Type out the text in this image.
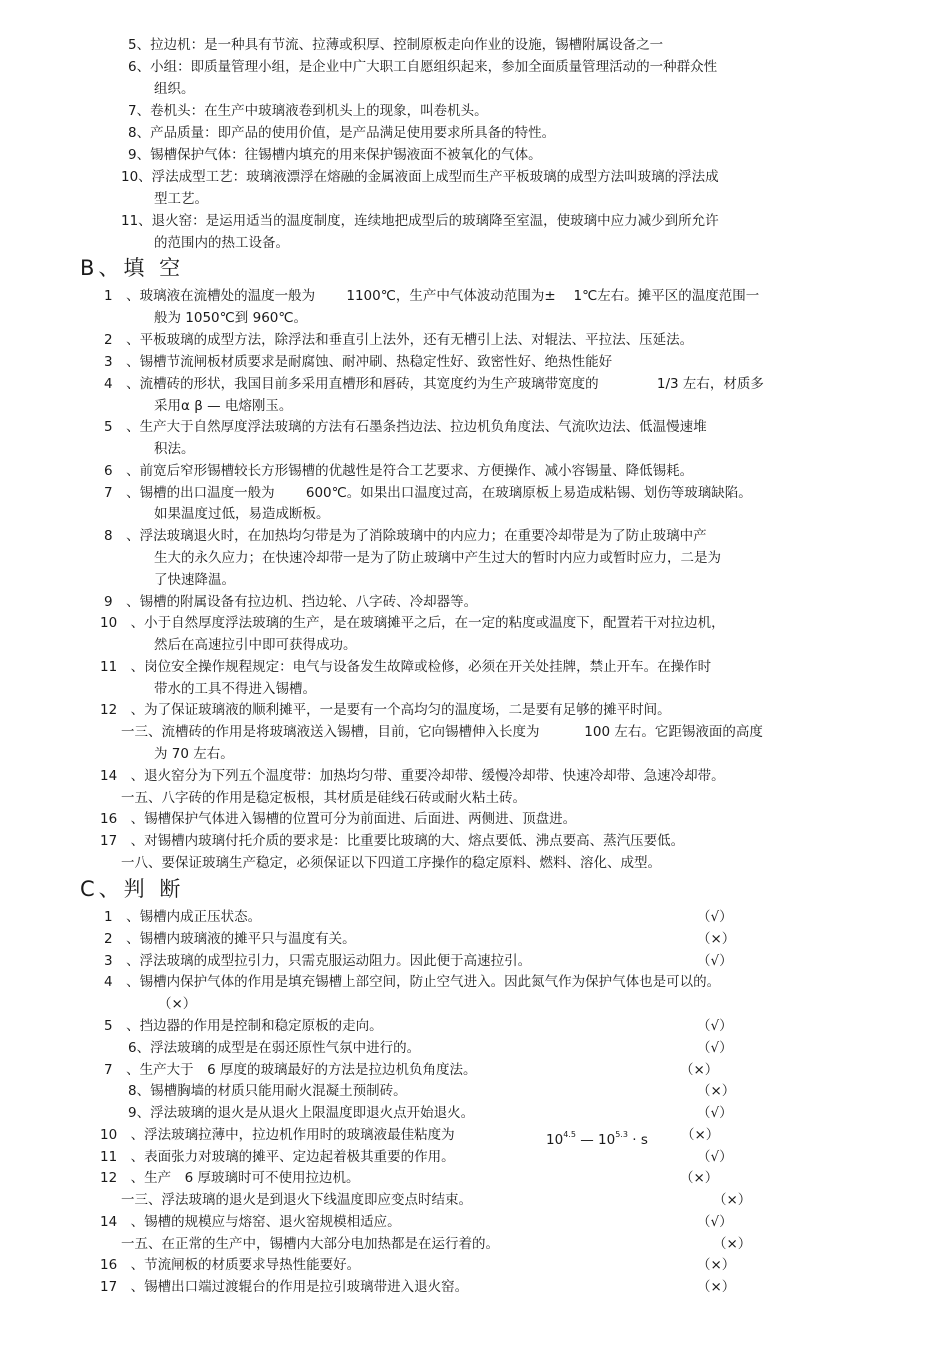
5、拉边机：是一种具有节流、拉薄或积厚、控制原板走向作业的设施，锡槽附属设备之一
6、小组：即质量管理小组，是企业中广大职工自愿组织起来，参加全面质量管理活动的一种群众性
组织。
7、卷机头：在生产中玻璃液卷到机头上的现象，叫卷机头。
8、产品质量：即产品的使用价值，是产品满足使用要求所具备的特性。
9、锡槽保护气体：往锡槽内填充的用来保护锡液面不被氧化的气体。
10、浮法成型工艺：玻璃液漂浮在熔融的金属液面上成型而生产平板玻璃的成型方法叫玻璃的浮法成
型工艺。
11、退火窑：是运用适当的温度制度，连续地把成型后的玻璃降至室温，使玻璃中应力减少到所允许
的范围内的热工设备。
B、填 空
1　、玻璃液在流槽处的温度一般为　　 1100℃，生产中气体波动范围为±　 1℃左右。摊平区的温度范围一
般为 1050℃到 960℃。
2　、平板玻璃的成型方法，除浮法和垂直引上法外，还有无槽引上法、对辊法、平拉法、压延法。
3　、锡槽节流闸板材质要求是耐腐蚀、耐冲刷、热稳定性好、致密性好、绝热性能好
4　、流槽砖的形状，我国目前多采用直槽形和唇砖，其宽度约为生产玻璃带宽度的　　　　 1/3 左右，材质多
采用α β — 电熔刚玉。
5　、生产大于自然厚度浮法玻璃的方法有石墨条挡边法、拉边机负角度法、气流吹边法、低温慢速堆
积法。
6　、前宽后窄形锡槽较长方形锡槽的优越性是符合工艺要求、方便操作、减小容锡量、降低锡耗。
7　、锡槽的出口温度一般为　　 600℃。如果出口温度过高，在玻璃原板上易造成粘锡、划伤等玻璃缺陷。
如果温度过低，易造成断板。
8　、浮法玻璃退火时，在加热均匀带是为了消除玻璃中的内应力；在重要冷却带是为了防止玻璃中产
生大的永久应力；在快速冷却带一是为了防止玻璃中产生过大的暂时内应力或暂时应力，二是为
了快速降温。
9　、锡槽的附属设备有拉边机、挡边轮、八字砖、冷却器等。
10　、小于自然厚度浮法玻璃的生产，是在玻璃摊平之后，在一定的粘度或温度下，配置若干对拉边机，
然后在高速拉引中即可获得成功。
11　、岗位安全操作规程规定：电气与设备发生故障或检修，必须在开关处挂牌，禁止开车。在操作时
带水的工具不得进入锡槽。
12　、为了保证玻璃液的顺利摊平，一是要有一个高均匀的温度场，二是要有足够的摊平时间。
一三、流槽砖的作用是将玻璃液送入锡槽，目前，它向锡槽伸入长度为　　　 100 左右。它距锡液面的高度
为 70 左右。
14　、退火窑分为下列五个温度带：加热均匀带、重要冷却带、缓慢冷却带、快速冷却带、急速冷却带。
一五、八字砖的作用是稳定板根，其材质是硅线石砖或耐火粘土砖。
16　、锡槽保护气体进入锡槽的位置可分为前面进、后面进、两侧进、顶盘进。
17　、对锡槽内玻璃付托介质的要求是：比重要比玻璃的大、熔点要低、沸点要高、蒸汽压要低。
一八、要保证玻璃生产稳定，必须保证以下四道工序操作的稳定原料、燃料、溶化、成型。
C、判 断
1　、锡槽内成正压状态。	（√）
2　、锡槽内玻璃液的摊平只与温度有关。	（×）
3　、浮法玻璃的成型拉引力，只需克服运动阻力。因此便于高速拉引。	（√）
4　、锡槽内保护气体的作用是填充锡槽上部空间，防止空气进入。因此氮气作为保护气体也是可以的。
（×）
5　、挡边器的作用是控制和稳定原板的走向。	（√）
6、浮法玻璃的成型是在弱还原性气氛中进行的。	（√）
7　、生产大于　6 厚度的玻璃最好的方法是拉边机负角度法。	（×）
8、锡槽胸墙的材质只能用耐火混凝土预制砖。	（×）
9、浮法玻璃的退火是从退火上限温度即退火点开始退火。	（√）
10　、浮法玻璃拉薄中，拉边机作用时的玻璃液最佳粘度为	$10^{4.5}$ — $10^{5.3} \cdot s$ （×）
11　、表面张力对玻璃的摊平、定边起着极其重要的作用。	（√）
12　、生产　6 厚玻璃时可不使用拉边机。	（×）
一三、浮法玻璃的退火是到退火下线温度即应变点时结束。	（×）
14　、锡槽的规模应与熔窑、退火窑规模相适应。	（√）
一五、在正常的生产中，锡槽内大部分电加热都是在运行着的。	（×）
16　、节流闸板的材质要求导热性能要好。	（×）
17　、锡槽出口端过渡辊台的作用是拉引玻璃带进入退火窑。	（×）
